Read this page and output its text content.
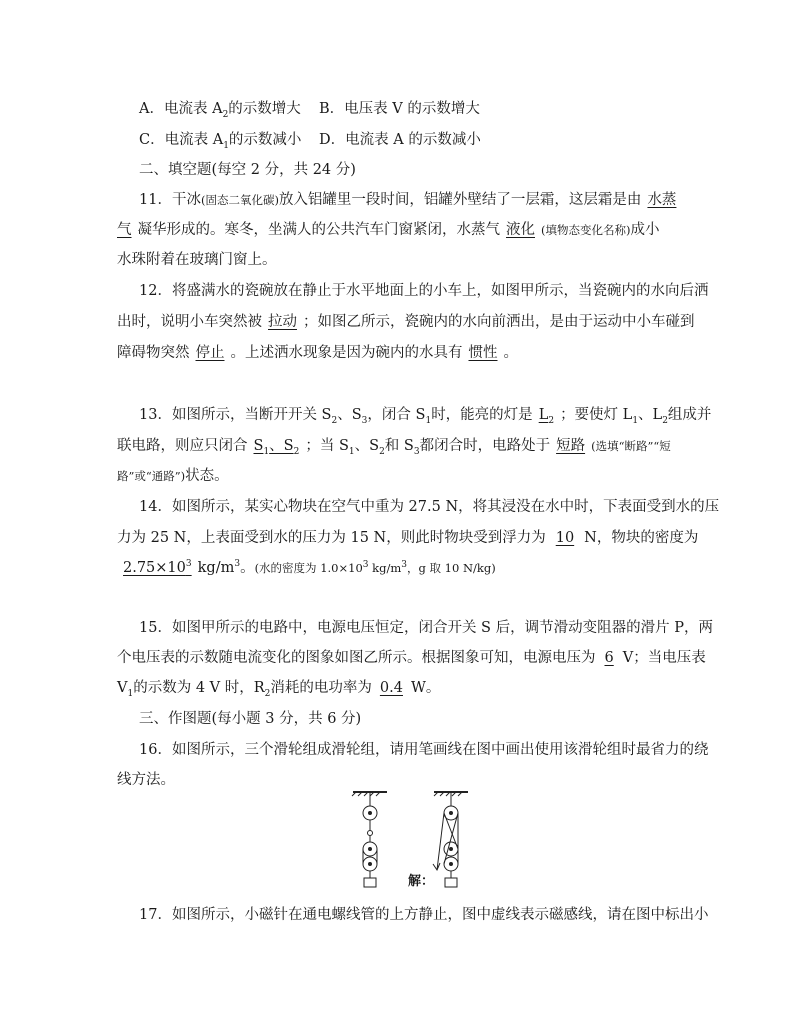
A．电流表 $A_2$的示数增大 B．电压表 V 的示数增大
C．电流表 $A_1$的示数减小 D．电流表 A 的示数减小
二、填空题(每空 2 分，共 24 分)
11．干冰(固态二氧化碳)放入铝罐里一段时间，铝罐外壁结了一层霜，这层霜是由 水蒸
气 凝华形成的。寒冬，坐满人的公共汽车门窗紧闭，水蒸气 液化 (填物态变化名称)成小
水珠附着在玻璃门窗上。
12．将盛满水的瓷碗放在静止于水平地面上的小车上，如图甲所示，当瓷碗内的水向后洒
出时，说明小车突然被 拉动 ；如图乙所示，瓷碗内的水向前洒出，是由于运动中小车碰到
障碍物突然 停止 。上述洒水现象是因为碗内的水具有 惯性 。
13．如图所示，当断开开关 $S_2$、$S_3$，闭合 $S_1$时，能亮的灯是 $L_2$ ；要使灯 $L_1$、$L_2$组成并
联电路，则应只闭合 $S_1$、$S_2$ ；当 $S_1$、$S_2$和 $S_3$都闭合时，电路处于 短路 (选填“断路”“短
路”或“通路”)状态。
14．如图所示，某实心物块在空气中重为 27.5 N，将其浸没在水中时，下表面受到水的压
力为 25 N，上表面受到水的压力为 15 N，则此时物块受到浮力为 10 N，物块的密度为
$2.75\times 10^3$ $kg/m^3$。(水的密度为 $1.0\times 10^3$ $kg/m^3$，g 取 10 N/kg)
15．如图甲所示的电路中，电源电压恒定，闭合开关 S 后，调节滑动变阻器的滑片 P，两
个电压表的示数随电流变化的图象如图乙所示。根据图象可知，电源电压为 6 V；当电压表
$V_1$的示数为 4 V 时，$R_2$消耗的电功率为 0.4 W。
三、作图题(每小题 3 分，共 6 分)
16．如图所示，三个滑轮组成滑轮组，请用笔画线在图中画出使用该滑轮组时最省力的绕
线方法。
解：
17．如图所示，小磁针在通电螺线管的上方静止，图中虚线表示磁感线，请在图中标出小
